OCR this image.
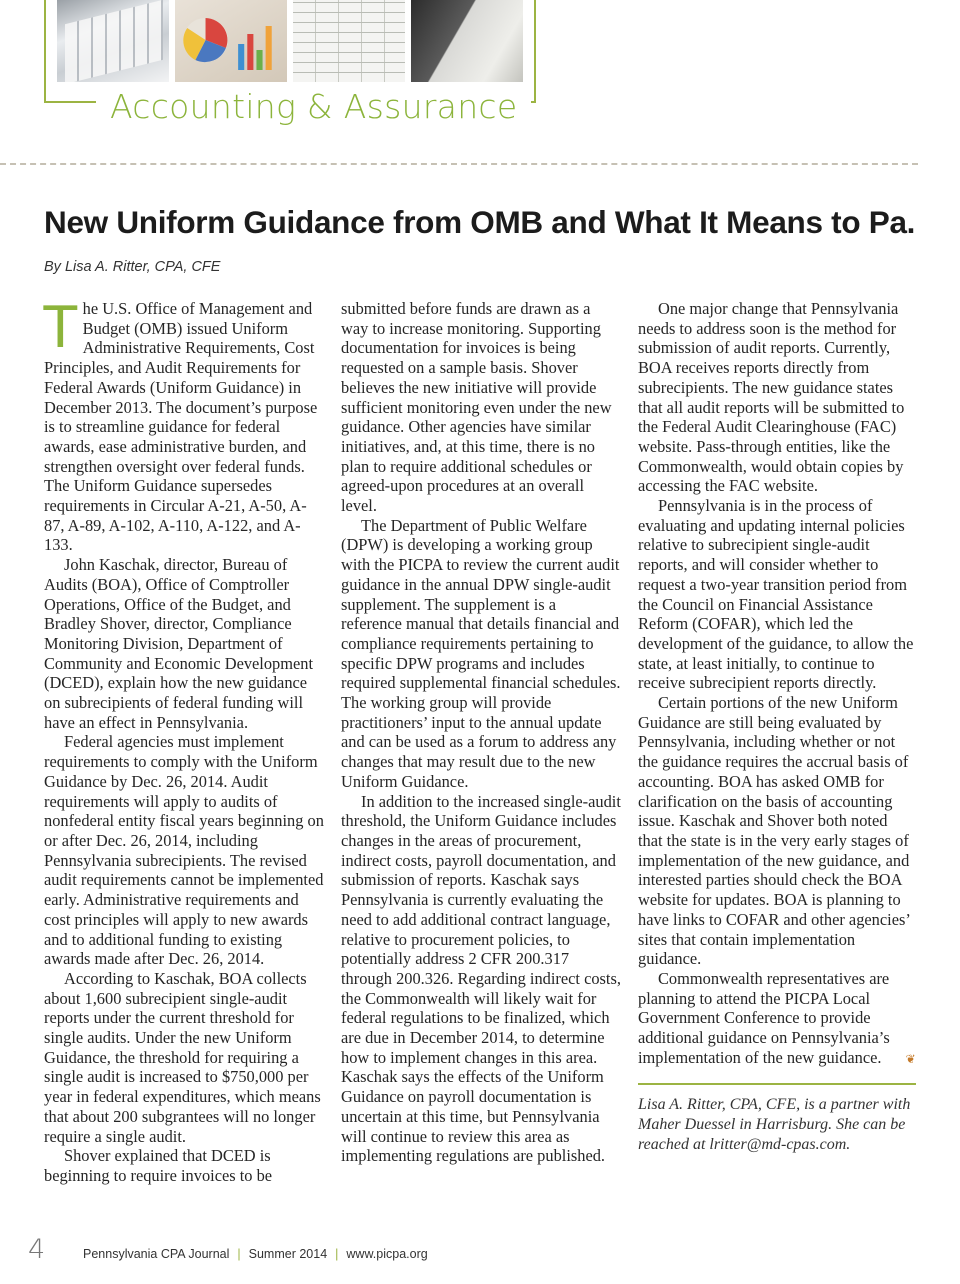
Accounting & Assurance
New Uniform Guidance from OMB and What It Means to Pa.
By Lisa A. Ritter, CPA, CFE

The U.S. Office of Management and Budget (OMB) issued Uniform Administrative Requirements, Cost Principles, and Audit Requirements for Federal Awards (Uniform Guidance) in December 2013. The document’s purpose is to streamline guidance for federal awards, ease administrative burden, and strengthen oversight over federal funds. The Uniform Guidance supersedes requirements in Circular A-21, A-50, A-87, A-89, A-102, A-110, A-122, and A-133.

John Kaschak, director, Bureau of Audits (BOA), Office of Comptroller Operations, Office of the Budget, and Bradley Shover, director, Compliance Monitoring Division, Department of Community and Economic Development (DCED), explain how the new guidance on subrecipients of federal funding will have an effect in Pennsylvania.

Federal agencies must implement requirements to comply with the Uniform Guidance by Dec. 26, 2014. Audit requirements will apply to audits of nonfederal entity fiscal years beginning on or after Dec. 26, 2014, including Pennsylvania subrecipients. The revised audit requirements cannot be implemented early. Administrative requirements and cost principles will apply to new awards and to additional funding to existing awards made after Dec. 26, 2014.

According to Kaschak, BOA collects about 1,600 subrecipient single-audit reports under the current threshold for single audits. Under the new Uniform Guidance, the threshold for requiring a single audit is increased to $750,000 per year in federal expenditures, which means that about 200 subgrantees will no longer require a single audit.

Shover explained that DCED is beginning to require invoices to be

submitted before funds are drawn as a way to increase monitoring. Supporting documentation for invoices is being requested on a sample basis. Shover believes the new initiative will provide sufficient monitoring even under the new guidance. Other agencies have similar initiatives, and, at this time, there is no plan to require additional schedules or agreed-upon procedures at an overall level.

The Department of Public Welfare (DPW) is developing a working group with the PICPA to review the current audit guidance in the annual DPW single-audit supplement. The supplement is a reference manual that details financial and compliance requirements pertaining to specific DPW programs and includes required supplemental financial schedules. The working group will provide practitioners’ input to the annual update and can be used as a forum to address any changes that may result due to the new Uniform Guidance.

In addition to the increased single-audit threshold, the Uniform Guidance includes changes in the areas of procurement, indirect costs, payroll documentation, and submission of reports. Kaschak says Pennsylvania is currently evaluating the need to add additional contract language, relative to procurement policies, to potentially address 2 CFR 200.317 through 200.326. Regarding indirect costs, the Commonwealth will likely wait for federal regulations to be finalized, which are due in December 2014, to determine how to implement changes in this area. Kaschak says the effects of the Uniform Guidance on payroll documentation is uncertain at this time, but Pennsylvania will continue to review this area as implementing regulations are published.

One major change that Pennsylvania needs to address soon is the method for submission of audit reports. Currently, BOA receives reports directly from subrecipients. The new guidance states that all audit reports will be submitted to the Federal Audit Clearinghouse (FAC) website. Pass-through entities, like the Commonwealth, would obtain copies by accessing the FAC website.

Pennsylvania is in the process of evaluating and updating internal policies relative to subrecipient single-audit reports, and will consider whether to request a two-year transition period from the Council on Financial Assistance Reform (COFAR), which led the development of the guidance, to allow the state, at least initially, to continue to receive subrecipient reports directly.

Certain portions of the new Uniform Guidance are still being evaluated by Pennsylvania, including whether or not the guidance requires the accrual basis of accounting. BOA has asked OMB for clarification on the basis of accounting issue. Kaschak and Shover both noted that the state is in the very early stages of implementation of the new guidance, and interested parties should check the BOA website for updates. BOA is planning to have links to COFAR and other agencies’ sites that contain implementation guidance.

Commonwealth representatives are planning to attend the PICPA Local Government Conference to provide additional guidance on Pennsylvania’s implementation of the new guidance. ❦

Lisa A. Ritter, CPA, CFE, is a partner with Maher Duessel in Harrisburg. She can be reached at lritter@md-cpas.com.

4	Pennsylvania CPA Journal | Summer 2014 | www.picpa.org
